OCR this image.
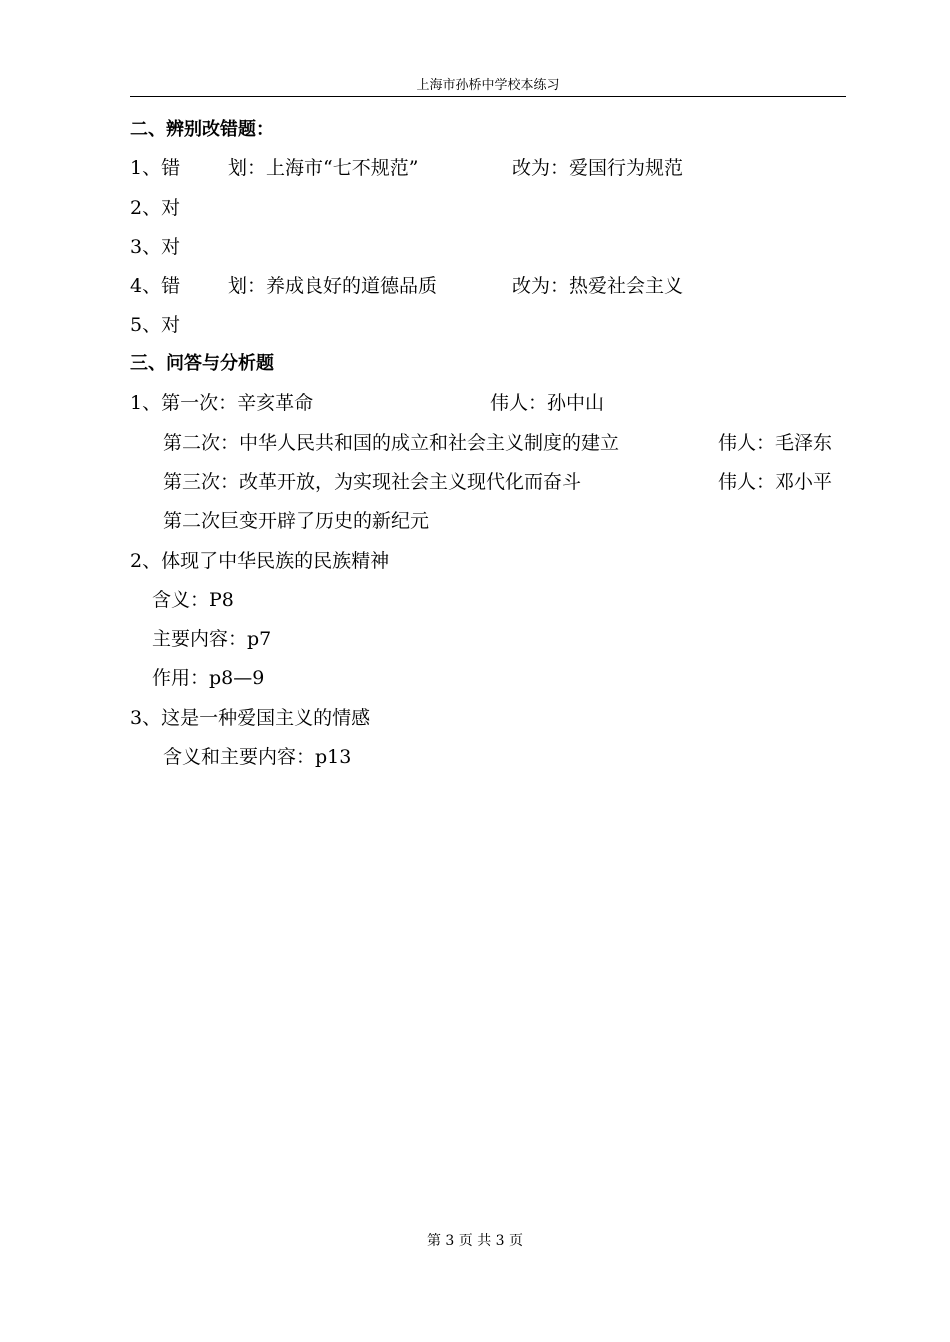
上海市孙桥中学校本练习
二、辨别改错题：
1、错	划：上海市“七不规范”	改为：爱国行为规范
2、对
3、对
4、错	划：养成良好的道德品质	改为：热爱社会主义
5、对
三、问答与分析题
1、第一次：辛亥革命	伟人：孙中山
第二次：中华人民共和国的成立和社会主义制度的建立	伟人：毛泽东
第三次：改革开放，为实现社会主义现代化而奋斗	伟人：邓小平
第二次巨变开辟了历史的新纪元
2、体现了中华民族的民族精神
含义：P8
主要内容：p7
作用：p8—9
3、这是一种爱国主义的情感
含义和主要内容：p13
第 3 页 共 3 页
